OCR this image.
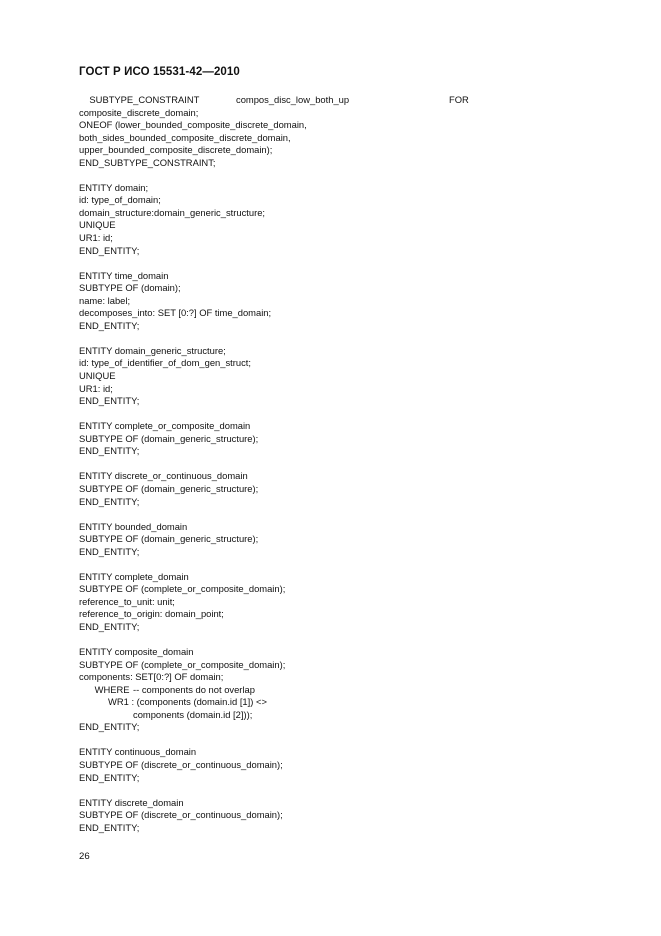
ГОСТ Р ИСО 15531-42—2010

SUBTYPE_CONSTRAINT

	compos_disc_low_both_up

	FOR

composite_discrete_domain;
ONEOF (lower_bounded_composite_discrete_domain,
both_sides_bounded_composite_discrete_domain,
upper_bounded_composite_discrete_domain);
END_SUBTYPE_CONSTRAINT;
ENTITY domain;
id: type_of_domain;
domain_structure:domain_generic_structure;
UNIQUE
UR1: id;
END_ENTITY;
ENTITY time_domain
SUBTYPE OF (domain);
name: label;
decomposes_into: SET [0:?] OF time_domain;
END_ENTITY;
ENTITY domain_generic_structure;
id: type_of_identifier_of_dom_gen_struct;
UNIQUE
UR1: id;
END_ENTITY;
ENTITY complete_or_composite_domain
SUBTYPE OF (domain_generic_structure);
END_ENTITY;
ENTITY discrete_or_continuous_domain
SUBTYPE OF (domain_generic_structure);
END_ENTITY;
ENTITY bounded_domain
SUBTYPE OF (domain_generic_structure);
END_ENTITY;
ENTITY complete_domain
SUBTYPE OF (complete_or_composite_domain);
reference_to_unit: unit;
reference_to_origin: domain_point;
END_ENTITY;
ENTITY composite_domain
SUBTYPE OF (complete_or_composite_domain);
components: SET[0:?] OF domain;

WHERE

-- components do not overlap

WR1 : (components (domain.id [1]) <>
components (domain.id [2]));
END_ENTITY;
ENTITY continuous_domain
SUBTYPE OF (discrete_or_continuous_domain);
END_ENTITY;
ENTITY discrete_domain
SUBTYPE OF (discrete_or_continuous_domain);
END_ENTITY;
26
